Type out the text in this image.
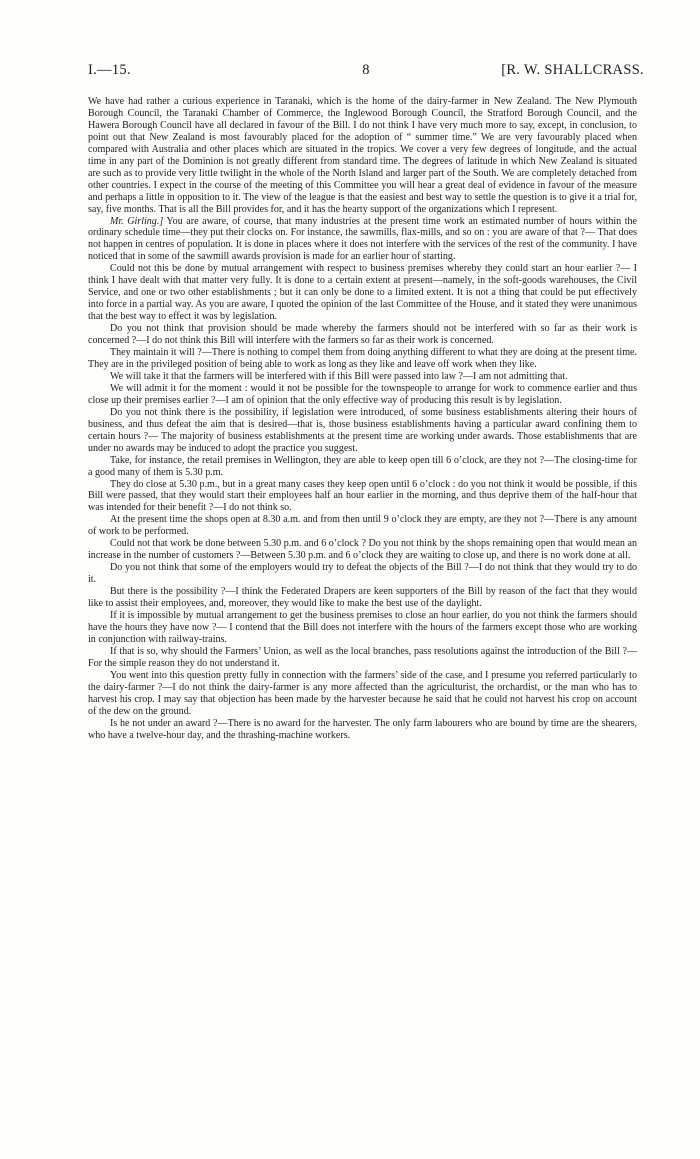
I.—15.	8	[R. W. SHALLCRASS.

We have had rather a curious experience in Taranaki, which is the home of the dairy-farmer in New Zealand. The New Plymouth Borough Council, the Taranaki Chamber of Commerce, the Inglewood Borough Council, the Stratford Borough Council, and the Hawera Borough Council have all declared in favour of the Bill. I do not think I have very much more to say, except, in conclusion, to point out that New Zealand is most favourably placed for the adoption of “ summer time.” We are very favourably placed when compared with Australia and other places which are situated in the tropics. We cover a very few degrees of longitude, and the actual time in any part of the Dominion is not greatly different from standard time. The degrees of latitude in which New Zealand is situated are such as to provide very little twilight in the whole of the North Island and larger part of the South. We are completely detached from other countries. I expect in the course of the meeting of this Committee you will hear a great deal of evidence in favour of the measure and perhaps a little in opposition to it. The view of the league is that the easiest and best way to settle the question is to give it a trial for, say, five months. That is all the Bill provides for, and it has the hearty support of the organizations which I represent.

Mr. Girling.] You are aware, of course, that many industries at the present time work an estimated number of hours within the ordinary schedule time—they put their clocks on. For instance, the sawmills, flax-mills, and so on : you are aware of that ?— That does not happen in centres of population. It is done in places where it does not interfere with the services of the rest of the community. I have noticed that in some of the sawmill awards provision is made for an earlier hour of starting.

Could not this be done by mutual arrangement with respect to business premises whereby they could start an hour earlier ?— I think I have dealt with that matter very fully. It is done to a certain extent at present—namely, in the soft-goods warehouses, the Civil Service, and one or two other establishments ; but it can only be done to a limited extent. It is not a thing that could be put effectively into force in a partial way. As you are aware, I quoted the opinion of the last Committee of the House, and it stated they were unanimous that the best way to effect it was by legislation.

Do you not think that provision should be made whereby the farmers should not be interfered with so far as their work is concerned ?—I do not think this Bill will interfere with the farmers so far as their work is concerned.

They maintain it will ?—There is nothing to compel them from doing anything different to what they are doing at the present time. They are in the privileged position of being able to work as long as they like and leave off work when they like.

We will take it that the farmers will be interfered with if this Bill were passed into law ?—I am not admitting that.

We will admit it for the moment : would it not be possible for the townspeople to arrange for work to commence earlier and thus close up their premises earlier ?—I am of opinion that the only effective way of producing this result is by legislation.

Do you not think there is the possibility, if legislation were introduced, of some business establishments altering their hours of business, and thus defeat the aim that is desired—that is, those business establishments having a particular award confining them to certain hours ?— The majority of business establishments at the present time are working under awards. Those establishments that are under no awards may be induced to adopt the practice you suggest.

Take, for instance, the retail premises in Wellington, they are able to keep open till 6 o’clock, are they not ?—The closing-time for a good many of them is 5.30 p.m.

They do close at 5.30 p.m., but in a great many cases they keep open until 6 o’clock : do you not think it would be possible, if this Bill were passed, that they would start their employees half an hour earlier in the morning, and thus deprive them of the half-hour that was intended for their benefit ?—I do not think so.

At the present time the shops open at 8.30 a.m. and from then until 9 o’clock they are empty, are they not ?—There is any amount of work to be performed.

Could not that work be done between 5.30 p.m. and 6 o’clock ? Do you not think by the shops remaining open that would mean an increase in the number of customers ?—Between 5.30 p.m. and 6 o’clock they are waiting to close up, and there is no work done at all.

Do you not think that some of the employers would try to defeat the objects of the Bill ?—I do not think that they would try to do it.

But there is the possibility ?—I think the Federated Drapers are keen supporters of the Bill by reason of the fact that they would like to assist their employees, and, moreover, they would like to make the best use of the daylight.

If it is impossible by mutual arrangement to get the business premises to close an hour earlier, do you not think the farmers should have the hours they have now ?— I contend that the Bill does not interfere with the hours of the farmers except those who are working in conjunction with railway-trains.

If that is so, why should the Farmers’ Union, as well as the local branches, pass resolutions against the introduction of the Bill ?—For the simple reason they do not understand it.

You went into this question pretty fully in connection with the farmers’ side of the case, and I presume you referred particularly to the dairy-farmer ?—I do not think the dairy-farmer is any more affected than the agriculturist, the orchardist, or the man who has to harvest his crop. I may say that objection has been made by the harvester because he said that he could not harvest his crop on account of the dew on the ground.

Is he not under an award ?—There is no award for the harvester. The only farm labourers who are bound by time are the shearers, who have a twelve-hour day, and the thrashing-machine workers.
